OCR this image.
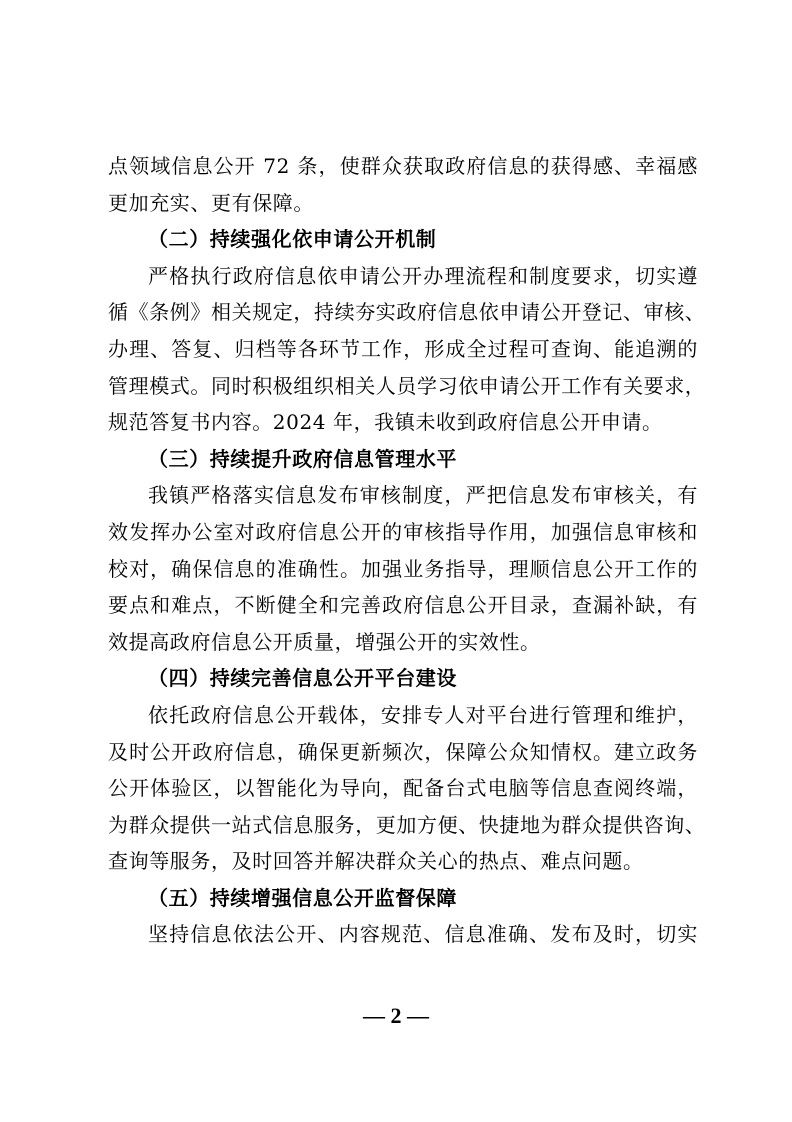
点领域信息公开 72 条，使群众获取政府信息的获得感、幸福感
更加充实、更有保障。
（二）持续强化依申请公开机制
严格执行政府信息依申请公开办理流程和制度要求，切实遵
循《条例》相关规定，持续夯实政府信息依申请公开登记、审核、
办理、答复、归档等各环节工作，形成全过程可查询、能追溯的
管理模式。同时积极组织相关人员学习依申请公开工作有关要求，
规范答复书内容。2024 年，我镇未收到政府信息公开申请。
（三）持续提升政府信息管理水平
我镇严格落实信息发布审核制度，严把信息发布审核关，有
效发挥办公室对政府信息公开的审核指导作用，加强信息审核和
校对，确保信息的准确性。加强业务指导，理顺信息公开工作的
要点和难点，不断健全和完善政府信息公开目录，查漏补缺，有
效提高政府信息公开质量，增强公开的实效性。
（四）持续完善信息公开平台建设
依托政府信息公开载体，安排专人对平台进行管理和维护，
及时公开政府信息，确保更新频次，保障公众知情权。建立政务
公开体验区，以智能化为导向，配备台式电脑等信息查阅终端，
为群众提供一站式信息服务，更加方便、快捷地为群众提供咨询、
查询等服务，及时回答并解决群众关心的热点、难点问题。
（五）持续增强信息公开监督保障
坚持信息依法公开、内容规范、信息准确、发布及时，切实
— 2 —
